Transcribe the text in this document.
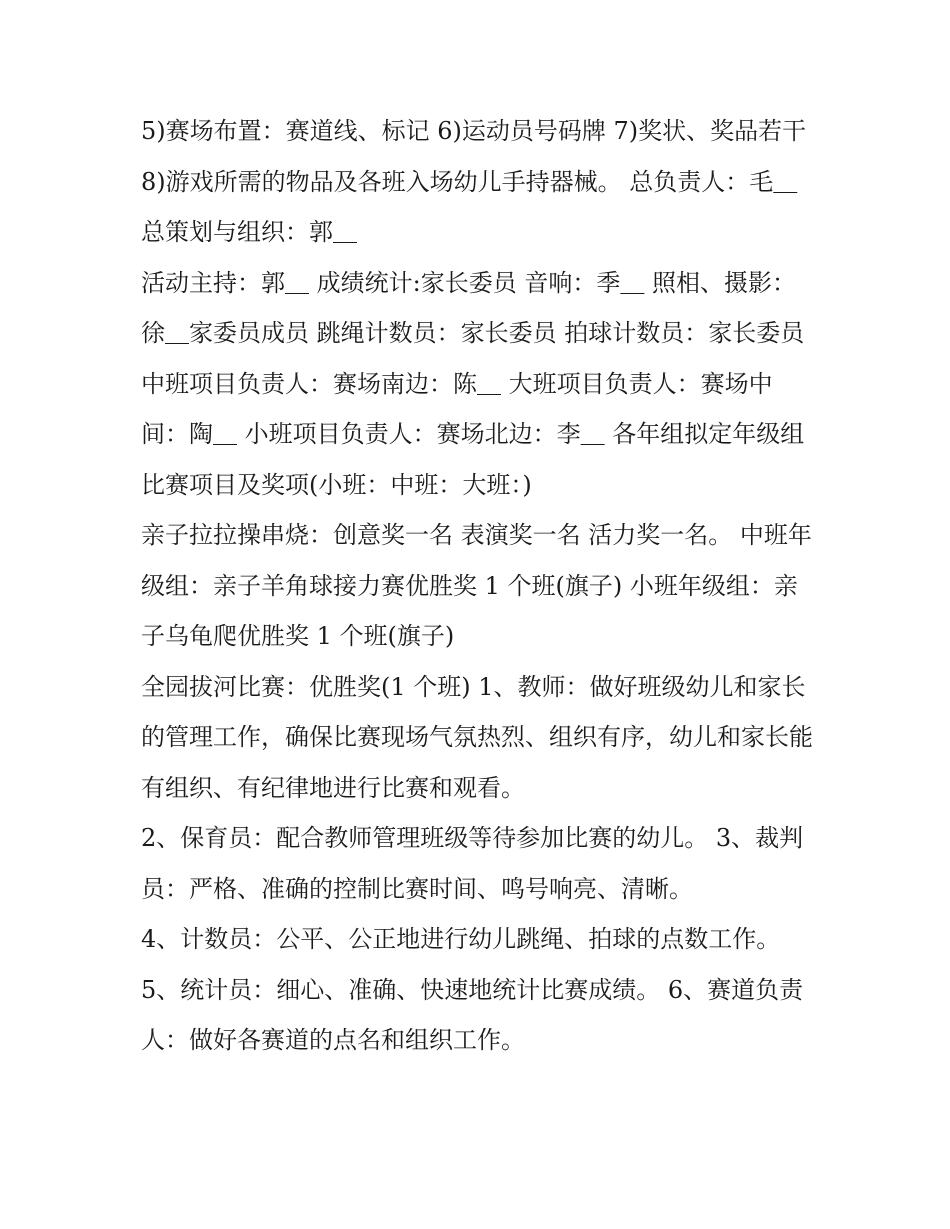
5)赛场布置：赛道线、标记 6)运动员号码牌 7)奖状、奖品若干 8)游戏所需的物品及各班入场幼儿手持器械。 总负责人：毛＿总策划与组织：郭＿

活动主持：郭＿ 成绩统计:家长委员 音响：季＿ 照相、摄影：徐＿家委员成员 跳绳计数员：家长委员 拍球计数员：家长委员

中班项目负责人：赛场南边：陈＿ 大班项目负责人：赛场中间：陶＿ 小班项目负责人：赛场北边：李＿ 各年组拟定年级组比赛项目及奖项(小班：中班：大班：)

亲子拉拉操串烧：创意奖一名 表演奖一名 活力奖一名。 中班年级组：亲子羊角球接力赛优胜奖 1 个班(旗子) 小班年级组：亲子乌龟爬优胜奖 1 个班(旗子)

全园拔河比赛：优胜奖(1 个班) 1、教师：做好班级幼儿和家长的管理工作，确保比赛现场气氛热烈、组织有序，幼儿和家长能有组织、有纪律地进行比赛和观看。

2、保育员：配合教师管理班级等待参加比赛的幼儿。 3、裁判员：严格、准确的控制比赛时间、鸣号响亮、清晰。

4、计数员：公平、公正地进行幼儿跳绳、拍球的点数工作。

5、统计员：细心、准确、快速地统计比赛成绩。 6、赛道负责人：做好各赛道的点名和组织工作。
